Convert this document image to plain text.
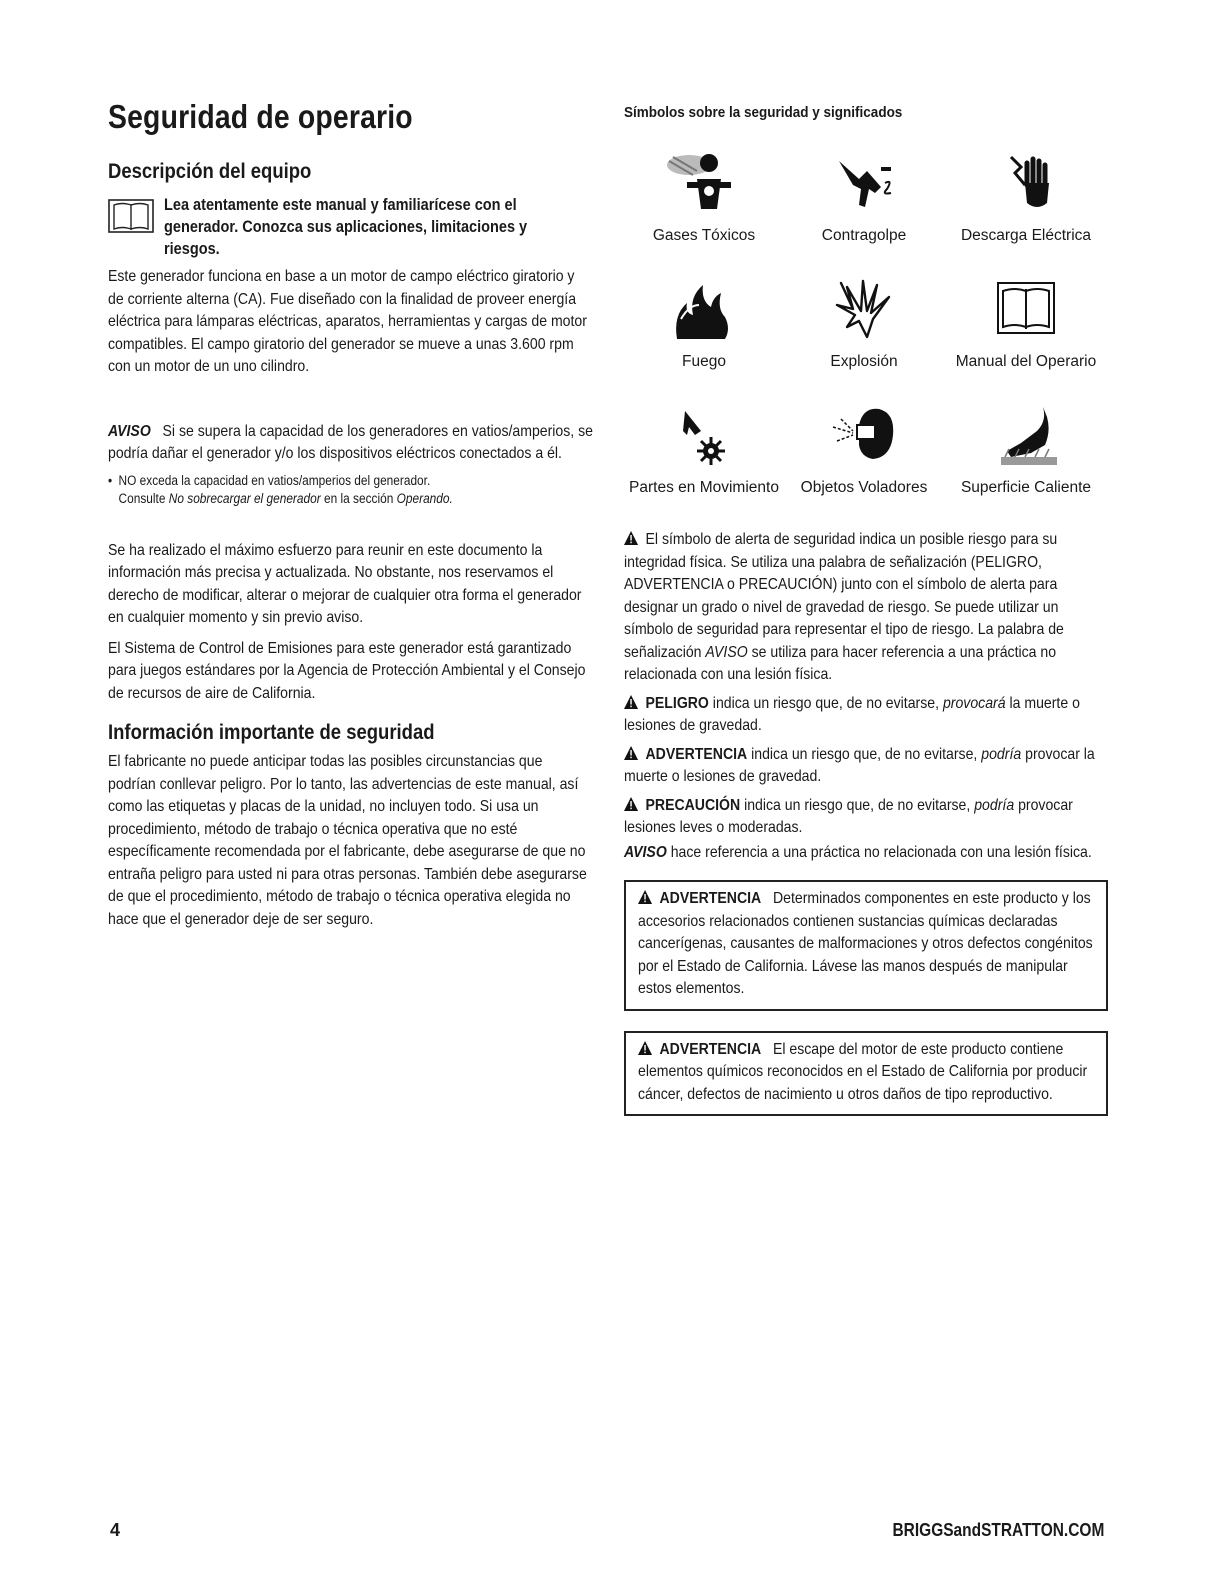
Seguridad de operario
Descripción del equipo
Lea atentamente este manual y familiarícese con el generador. Conozca sus aplicaciones, limitaciones y riesgos.

Este generador funciona en base a un motor de campo eléctrico giratorio y de corriente alterna (CA). Fue diseñado con la finalidad de proveer energía eléctrica para lámparas eléctricas, aparatos, herramientas y cargas de motor compatibles. El campo giratorio del generador se mueve a unas 3.600 rpm con un motor de un uno cilindro.

AVISO Si se supera la capacidad de los generadores en vatios/amperios, se podría dañar el generador y/o los dispositivos eléctricos conectados a él.

• NO exceda la capacidad en vatios/amperios del generador.
Consulte No sobrecargar el generador en la sección Operando.

Se ha realizado el máximo esfuerzo para reunir en este documento la información más precisa y actualizada. No obstante, nos reservamos el derecho de modificar, alterar o mejorar de cualquier otra forma el generador en cualquier momento y sin previo aviso.

El Sistema de Control de Emisiones para este generador está garantizado para juegos estándares por la Agencia de Protección Ambiental y el Consejo de recursos de aire de California.

Información importante de seguridad

El fabricante no puede anticipar todas las posibles circunstancias que podrían conllevar peligro. Por lo tanto, las advertencias de este manual, así como las etiquetas y placas de la unidad, no incluyen todo. Si usa un procedimiento, método de trabajo o técnica operativa que no esté específicamente recomendada por el fabricante, debe asegurarse de que no entraña peligro para usted ni para otras personas. También debe asegurarse de que el procedimiento, método de trabajo o técnica operativa elegida no hace que el generador deje de ser seguro.

Símbolos sobre la seguridad y significados
Gases Tóxicos	Contragolpe	Descarga Eléctrica
Fuego	Explosión	Manual del Operario
Partes en Movimiento	Objetos Voladores	Superficie Caliente

El símbolo de alerta de seguridad indica un posible riesgo para su integridad física. Se utiliza una palabra de señalización (PELIGRO, ADVERTENCIA o PRECAUCIÓN) junto con el símbolo de alerta para designar un grado o nivel de gravedad de riesgo. Se puede utilizar un símbolo de seguridad para representar el tipo de riesgo. La palabra de señalización AVISO se utiliza para hacer referencia a una práctica no relacionada con una lesión física.

PELIGRO indica un riesgo que, de no evitarse, provocará la muerte o lesiones de gravedad.

ADVERTENCIA indica un riesgo que, de no evitarse, podría provocar la muerte o lesiones de gravedad.

PRECAUCIÓN indica un riesgo que, de no evitarse, podría provocar lesiones leves o moderadas.

AVISO hace referencia a una práctica no relacionada con una lesión física.

ADVERTENCIA Determinados componentes en este producto y los accesorios relacionados contienen sustancias químicas declaradas cancerígenas, causantes de malformaciones y otros defectos congénitos por el Estado de California. Lávese las manos después de manipular estos elementos.

ADVERTENCIA El escape del motor de este producto contiene elementos químicos reconocidos en el Estado de California por producir cáncer, defectos de nacimiento u otros daños de tipo reproductivo.

4	BRIGGSandSTRATTON.COM
